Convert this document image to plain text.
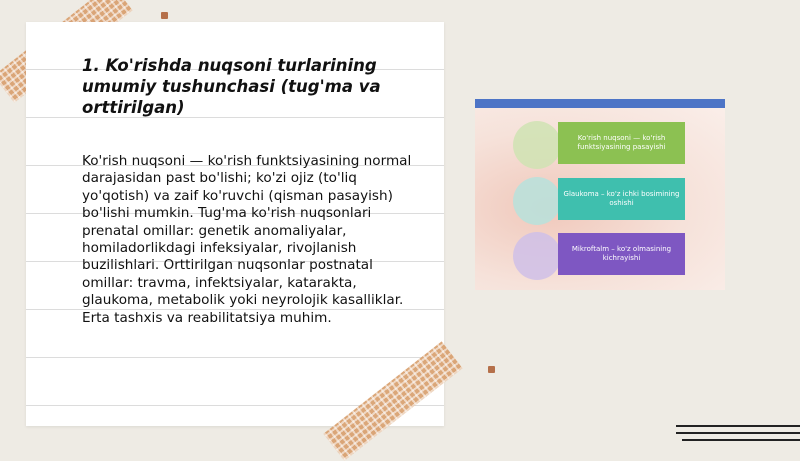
1. Ko'rishda nuqsoni turlarining umumiy tushunchasi (tug'ma va orttirilgan)

Ko'rish nuqsoni — ko'rish funktsiyasining normal darajasidan past bo'lishi; ko'zi ojiz (to'liq yo'qotish) va zaif ko'ruvchi (qisman pasayish) bo'lishi mumkin. Tug'ma ko'rish nuqsonlari prenatal omillar: genetik anomaliyalar, homiladorlikdagi infeksiyalar, rivojlanish buzilishlari. Orttirilgan nuqsonlar postnatal omillar: travma, infektsiyalar, katarakta, glaukoma, metabolik yoki neyrolojik kasalliklar. Erta tashxis va reabilitatsiya muhim.

Ko'rish nuqsoni — ko'rish funktsiyasining pasayishi
Glaukoma – ko'z ichki bosimining oshishi
Mikroftalm – ko'z olmasining kichrayishi
